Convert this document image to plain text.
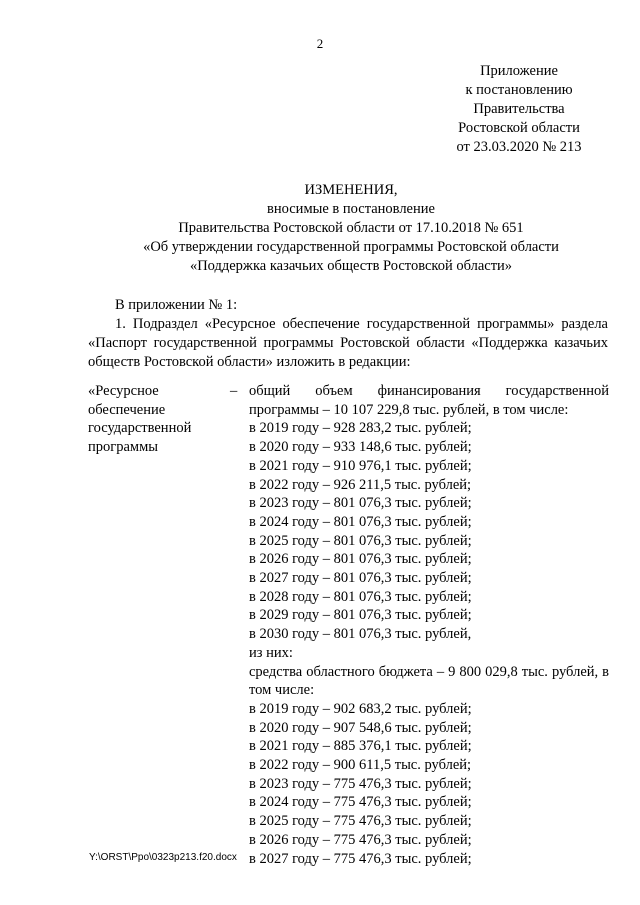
2
Приложение
к постановлению
Правительства
Ростовской области
от 23.03.2020 № 213
ИЗМЕНЕНИЯ,
вносимые в постановление
Правительства Ростовской области от 17.10.2018 № 651
«Об утверждении государственной программы Ростовской области
«Поддержка казачьих обществ Ростовской области»

В приложении № 1:

1. Подраздел «Ресурсное обеспечение государственной программы» раздела «Паспорт государственной программы Ростовской области «Поддержка казачьих обществ Ростовской области» изложить в редакции:

«Ресурсное обеспечение государственной программы
– общий объем финансирования государственной программы – 10 107 229,8 тыс. рублей, в том числе:
в 2019 году – 928 283,2 тыс. рублей;
в 2020 году – 933 148,6 тыс. рублей;
в 2021 году – 910 976,1 тыс. рублей;
в 2022 году – 926 211,5 тыс. рублей;
в 2023 году – 801 076,3 тыс. рублей;
в 2024 году – 801 076,3 тыс. рублей;
в 2025 году – 801 076,3 тыс. рублей;
в 2026 году – 801 076,3 тыс. рублей;
в 2027 году – 801 076,3 тыс. рублей;
в 2028 году – 801 076,3 тыс. рублей;
в 2029 году – 801 076,3 тыс. рублей;
в 2030 году – 801 076,3 тыс. рублей,
из них:
средства областного бюджета – 9 800 029,8 тыс. рублей, в том числе:
в 2019 году – 902 683,2 тыс. рублей;
в 2020 году – 907 548,6 тыс. рублей;
в 2021 году – 885 376,1 тыс. рублей;
в 2022 году – 900 611,5 тыс. рублей;
в 2023 году – 775 476,3 тыс. рублей;
в 2024 году – 775 476,3 тыс. рублей;
в 2025 году – 775 476,3 тыс. рублей;
в 2026 году – 775 476,3 тыс. рублей;
в 2027 году – 775 476,3 тыс. рублей;
Y:\ORST\Ppo\0323p213.f20.docx
